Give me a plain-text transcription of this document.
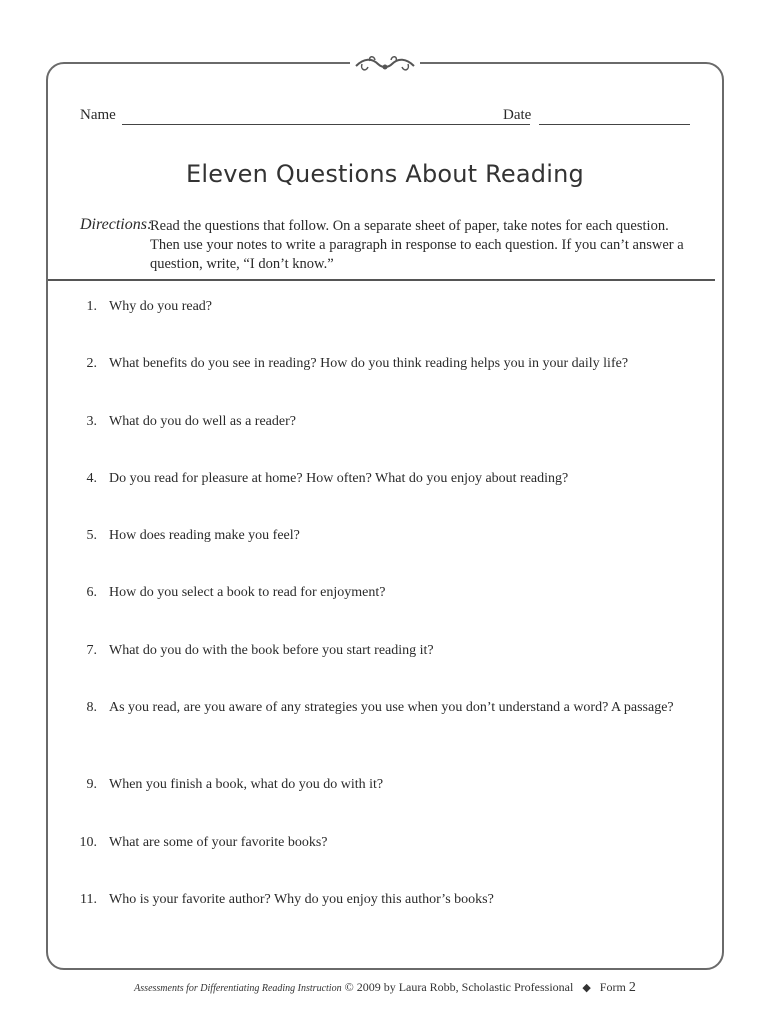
Name	Date
Eleven Questions About Reading
Directions:
Read the questions that follow. On a separate sheet of paper, take notes for each question. Then use your notes to write a paragraph in response to each question. If you can’t answer a question, write, “I don’t know.”
1. Why do you read?
2. What benefits do you see in reading? How do you think reading helps you in your daily life?
3. What do you do well as a reader?
4. Do you read for pleasure at home? How often? What do you enjoy about reading?
5. How does reading make you feel?
6. How do you select a book to read for enjoyment?
7. What do you do with the book before you start reading it?
8. As you read, are you aware of any strategies you use when you don’t understand a word? A passage?
9. When you finish a book, what do you do with it?
10. What are some of your favorite books?
11. Who is your favorite author? Why do you enjoy this author’s books?
Assessments for Differentiating Reading Instruction © 2009 by Laura Robb, Scholastic Professional ◆ Form 2
